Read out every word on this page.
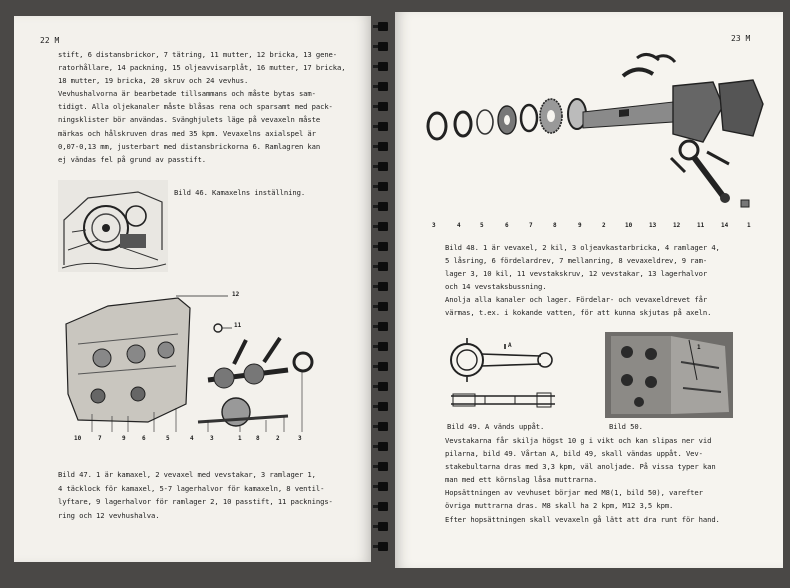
22 M
stift, 6 distansbrickor, 7 tätring, 11 mutter, 12 bricka, 13 gene-
ratorhållare, 14 packning, 15 oljeavvisarplåt, 16 mutter, 17 bricka,
18 mutter, 19 bricka, 20 skruv och 24 vevhus.
Vevhushalvorna är bearbetade tillsammans och måste bytas sam-
tidigt. Alla oljekanaler måste blåsas rena och sparsamt med pack-
ningsklister bör användas. Svänghjulets läge på vevaxeln måste
märkas och hålskruven dras med 35 kpm. Vevaxelns axialspel är
0,07-0,13 mm, justerbart med distansbrickorna 6. Ramlagren kan
ej vändas fel på grund av passtift.
Bild 46. Kamaxelns inställning.
12
11
10	7	9	6	5	4	3	1 8	2	3
Bild 47. 1 är kamaxel, 2 vevaxel med vevstakar, 3 ramlager 1,
4 täcklock för kamaxel, 5-7 lagerhalvor för kamaxeln, 8 ventil-
lyftare, 9 lagerhalvor för ramlager 2, 10 passtift, 11 packnings-
ring och 12 vevhushalva.
23 M
3	4	5	6	7	8	9	2	10	13	12	11	14	1
Bild 48. 1 är vevaxel, 2 kil, 3 oljeavkastarbricka, 4 ramlager 4,
5 låsring, 6 fördelardrev, 7 mellanring, 8 vevaxeldrev, 9 ram-
lager 3, 10 kil, 11 vevstakskruv, 12 vevstakar, 13 lagerhalvor
och 14 vevstaksbussning.
Anolja alla kanaler och lager. Fördelar- och vevaxeldrevet får
värmas, t.ex. i kokande vatten, för att kunna skjutas på axeln.
A	1
Bild 49. A vänds uppåt.	Bild 50.
Vevstakarna får skilja högst 10 g i vikt och kan slipas ner vid
pilarna, bild 49. Vårtan A, bild 49, skall vändas uppåt. Vev-
stakebultarna dras med 3,3 kpm, väl anoljade. På vissa typer kan
man med ett körnslag låsa muttrarna.
Hopsättningen av vevhuset börjar med M8(1, bild 50), varefter
övriga muttrarna dras. M8 skall ha 2 kpm, M12 3,5 kpm.
Efter hopsättningen skall vevaxeln gå lätt att dra runt för hand.
